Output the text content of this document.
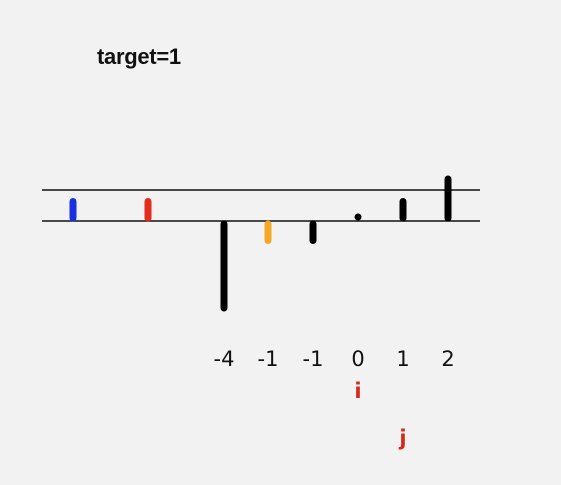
target=1
-4 -1 -1 0 1 2
i
j
